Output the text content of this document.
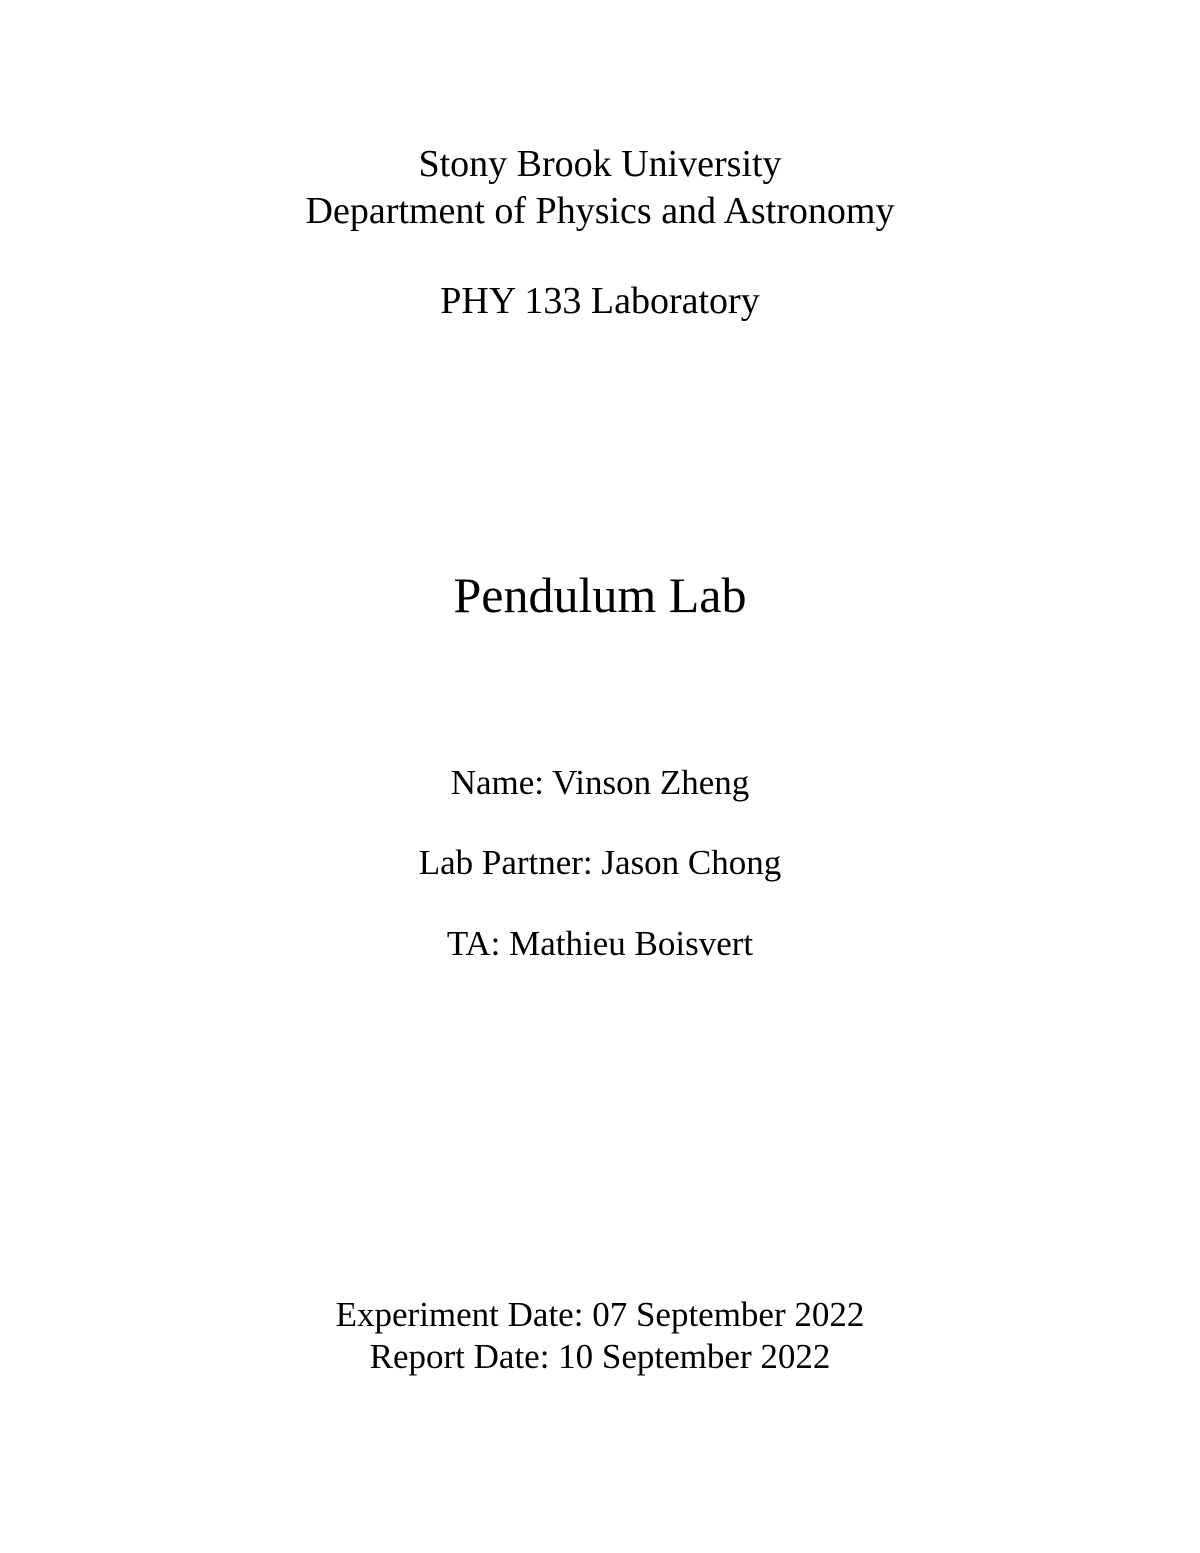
Stony Brook University
Department of Physics and Astronomy
PHY 133 Laboratory
Pendulum Lab
Name: Vinson Zheng
Lab Partner: Jason Chong
TA: Mathieu Boisvert
Experiment Date: 07 September 2022
Report Date: 10 September 2022
